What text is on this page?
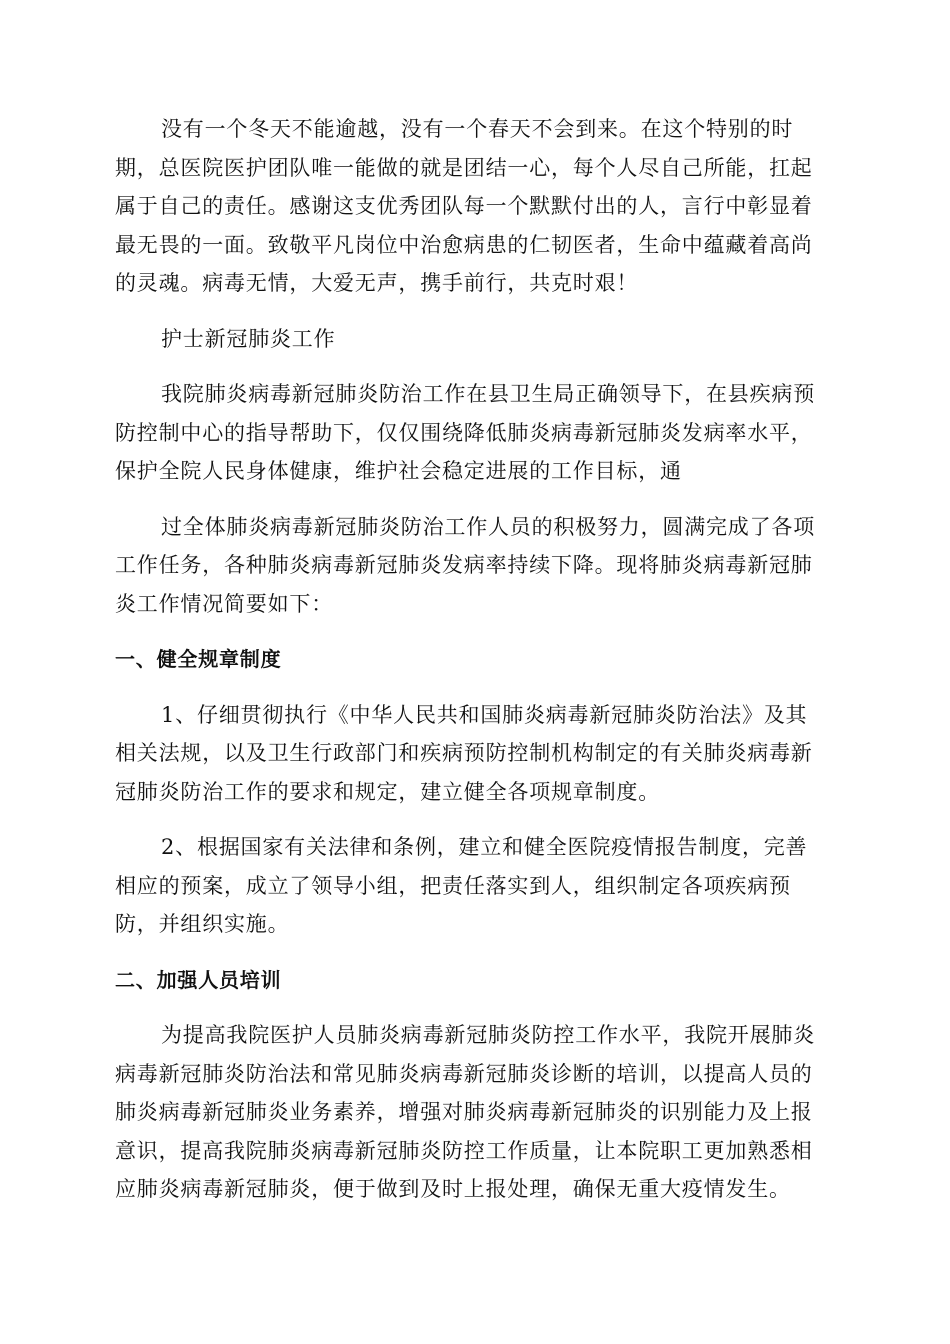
没有一个冬天不能逾越，没有一个春天不会到来。在这个特别的时
期，总医院医护团队唯一能做的就是团结一心，每个人尽自己所能，扛起
属于自己的责任。感谢这支优秀团队每一个默默付出的人，言行中彰显着
最无畏的一面。致敬平凡岗位中治愈病患的仁韧医者，生命中蕴藏着高尚
的灵魂。病毒无情，大爱无声，携手前行，共克时艰！

护士新冠肺炎工作

我院肺炎病毒新冠肺炎防治工作在县卫生局正确领导下，在县疾病预
防控制中心的指导帮助下，仅仅围绕降低肺炎病毒新冠肺炎发病率水平，
保护全院人民身体健康，维护社会稳定进展的工作目标，通

过全体肺炎病毒新冠肺炎防治工作人员的积极努力，圆满完成了各项
工作任务，各种肺炎病毒新冠肺炎发病率持续下降。现将肺炎病毒新冠肺
炎工作情况简要如下：

一、健全规章制度

1、仔细贯彻执行《中华人民共和国肺炎病毒新冠肺炎防治法》及其
相关法规，以及卫生行政部门和疾病预防控制机构制定的有关肺炎病毒新
冠肺炎防治工作的要求和规定，建立健全各项规章制度。

2、根据国家有关法律和条例，建立和健全医院疫情报告制度，完善
相应的预案，成立了领导小组，把责任落实到人，组织制定各项疾病预
防，并组织实施。

二、加强人员培训

为提高我院医护人员肺炎病毒新冠肺炎防控工作水平，我院开展肺炎
病毒新冠肺炎防治法和常见肺炎病毒新冠肺炎诊断的培训，以提高人员的
肺炎病毒新冠肺炎业务素养，增强对肺炎病毒新冠肺炎的识别能力及上报
意识，提高我院肺炎病毒新冠肺炎防控工作质量，让本院职工更加熟悉相
应肺炎病毒新冠肺炎，便于做到及时上报处理，确保无重大疫情发生。
